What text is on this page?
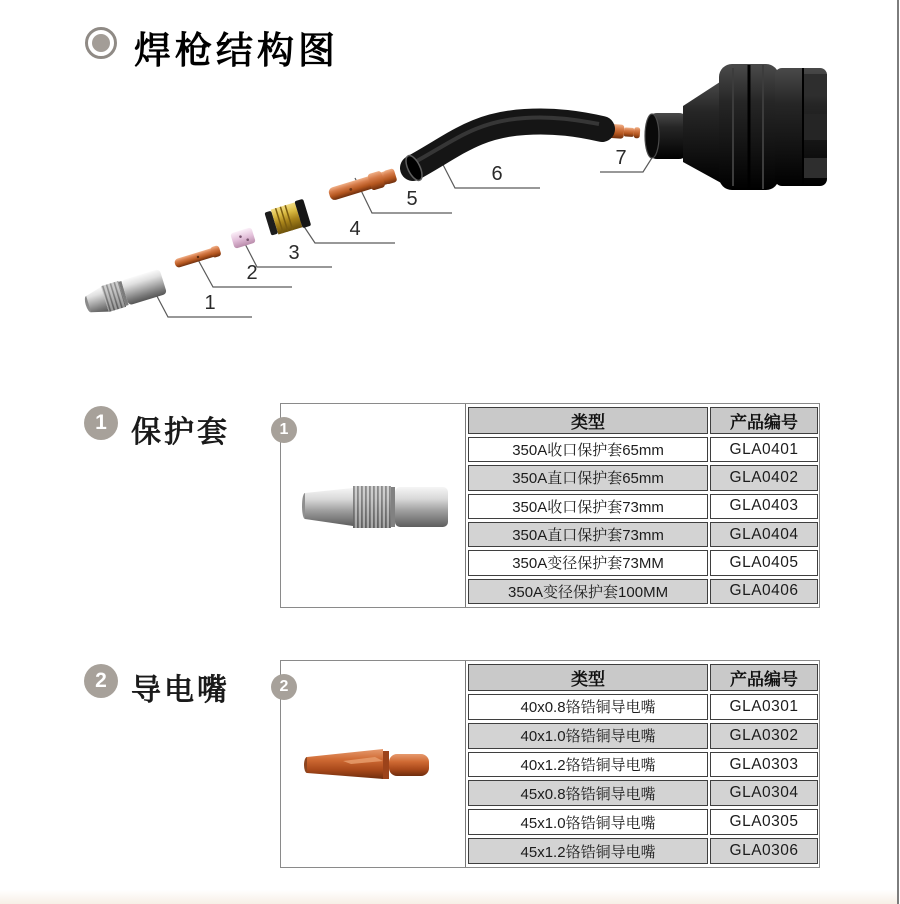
焊枪结构图
1
2
3
4
5
6
7
1 保护套	1	类型	产品编号
350A收口保护套65mm	GLA0401
350A直口保护套65mm	GLA0402
350A收口保护套73mm	GLA0403
350A直口保护套73mm	GLA0404
350A变径保护套73MM	GLA0405
350A变径保护套100MM	GLA0406
2 导电嘴	2	类型	产品编号
40x0.8铬锆铜导电嘴	GLA0301
40x1.0铬锆铜导电嘴	GLA0302
40x1.2铬锆铜导电嘴	GLA0303
45x0.8铬锆铜导电嘴	GLA0304
45x1.0铬锆铜导电嘴	GLA0305
45x1.2铬锆铜导电嘴	GLA0306
